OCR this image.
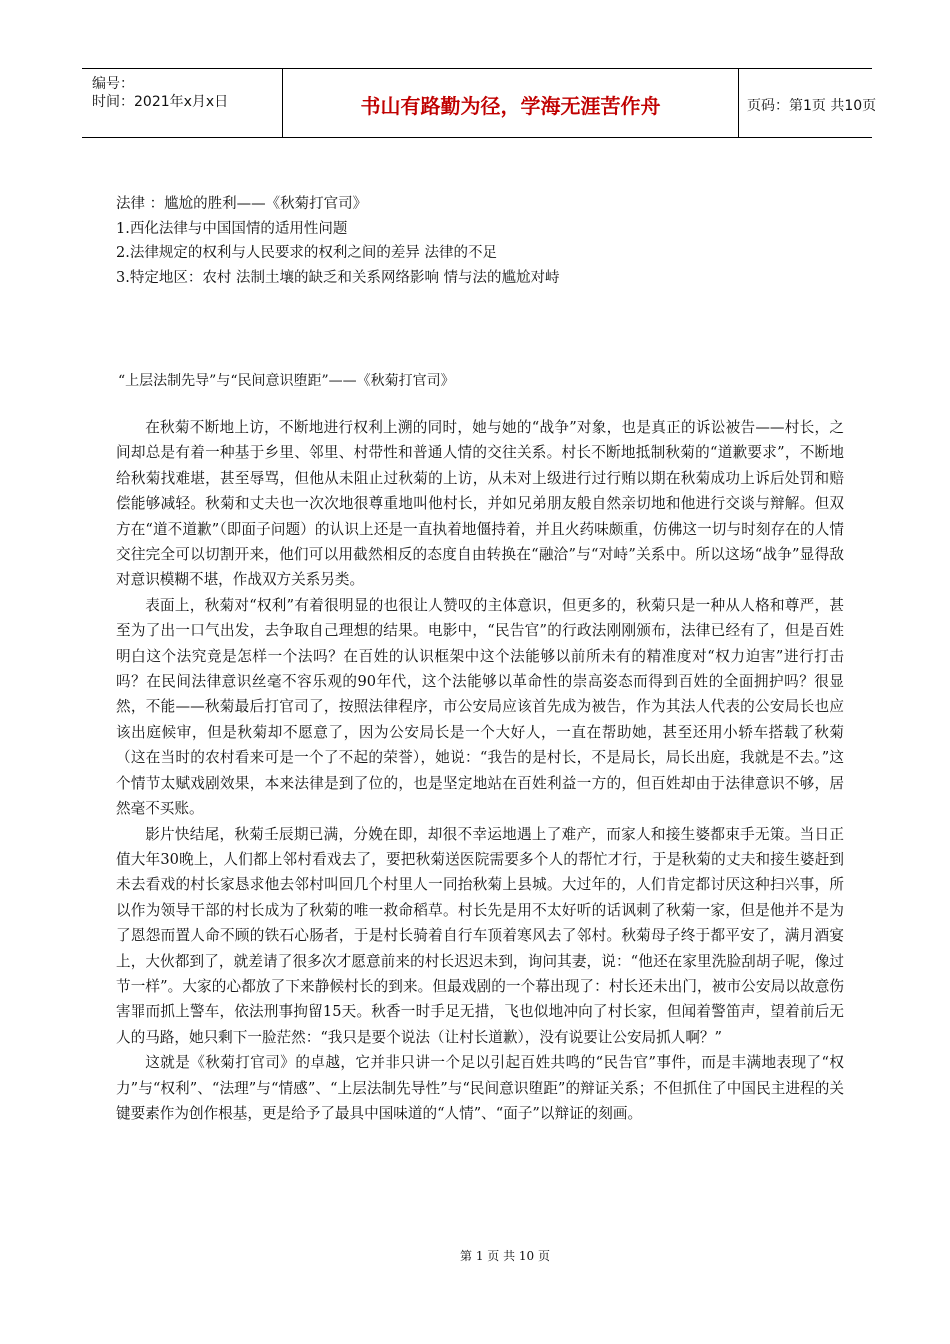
编号：
时间：2021年x月x日	书山有路勤为径，学海无涯苦作舟	页码：第1页 共10页
法律 ：尴尬的胜利——《秋菊打官司》
1.西化法律与中国国情的适用性问题
2.法律规定的权利与人民要求的权利之间的差异 法律的不足
3.特定地区：农村 法制土壤的缺乏和关系网络影响 情与法的尴尬对峙
“上层法制先导”与“民间意识堕距”——《秋菊打官司》

在秋菊不断地上访，不断地进行权利上溯的同时，她与她的“战争”对象，也是真正的诉讼被告——村长，之间却总是有着一种基于乡里、邻里、村带性和普通人情的交往关系。村长不断地抵制秋菊的“道歉要求”，不断地给秋菊找难堪，甚至辱骂，但他从未阻止过秋菊的上访，从未对上级进行过行贿以期在秋菊成功上诉后处罚和赔偿能够减轻。秋菊和丈夫也一次次地很尊重地叫他村长，并如兄弟朋友般自然亲切地和他进行交谈与辩解。但双方在“道不道歉”（即面子问题）的认识上还是一直执着地僵持着，并且火药味颇重，仿佛这一切与时刻存在的人情交往完全可以切割开来，他们可以用截然相反的态度自由转换在“融洽”与“对峙”关系中。所以这场“战争”显得敌对意识模糊不堪，作战双方关系另类。

表面上，秋菊对“权利”有着很明显的也很让人赞叹的主体意识，但更多的，秋菊只是一种从人格和尊严，甚至为了出一口气出发，去争取自己理想的结果。电影中，“民告官”的行政法刚刚颁布，法律已经有了，但是百姓明白这个法究竟是怎样一个法吗？在百姓的认识框架中这个法能够以前所未有的精准度对“权力迫害”进行打击吗？在民间法律意识丝毫不容乐观的90年代，这个法能够以革命性的崇高姿态而得到百姓的全面拥护吗？很显然，不能——秋菊最后打官司了，按照法律程序，市公安局应该首先成为被告，作为其法人代表的公安局长也应该出庭候审，但是秋菊却不愿意了，因为公安局长是一个大好人，一直在帮助她，甚至还用小轿车搭载了秋菊（这在当时的农村看来可是一个了不起的荣誉），她说：“我告的是村长，不是局长，局长出庭，我就是不去。”这个情节太赋戏剧效果，本来法律是到了位的，也是坚定地站在百姓利益一方的，但百姓却由于法律意识不够，居然毫不买账。

影片快结尾，秋菊壬辰期已满，分娩在即，却很不幸运地遇上了难产，而家人和接生婆都束手无策。当日正值大年30晚上，人们都上邻村看戏去了，要把秋菊送医院需要多个人的帮忙才行，于是秋菊的丈夫和接生婆赶到未去看戏的村长家恳求他去邻村叫回几个村里人一同抬秋菊上县城。大过年的，人们肯定都讨厌这种扫兴事，所以作为领导干部的村长成为了秋菊的唯一救命稻草。村长先是用不太好听的话讽刺了秋菊一家，但是他并不是为了恩怨而置人命不顾的铁石心肠者，于是村长骑着自行车顶着寒风去了邻村。秋菊母子终于都平安了，满月酒宴上，大伙都到了，就差请了很多次才愿意前来的村长迟迟未到，询问其妻，说：“他还在家里洗脸刮胡子呢，像过节一样”。大家的心都放了下来静候村长的到来。但最戏剧的一个幕出现了：村长还未出门，被市公安局以故意伤害罪而抓上警车，依法刑事拘留15天。秋香一时手足无措，飞也似地冲向了村长家，但闻着警笛声，望着前后无人的马路，她只剩下一脸茫然：“我只是要个说法（让村长道歉），没有说要让公安局抓人啊？”

这就是《秋菊打官司》的卓越，它并非只讲一个足以引起百姓共鸣的“民告官”事件，而是丰满地表现了“权力”与“权利”、“法理”与“情感”、“上层法制先导性”与“民间意识堕距”的辩证关系；不但抓住了中国民主进程的关键要素作为创作根基，更是给予了最具中国味道的“人情”、“面子”以辩证的刻画。

第 1 页 共 10 页
